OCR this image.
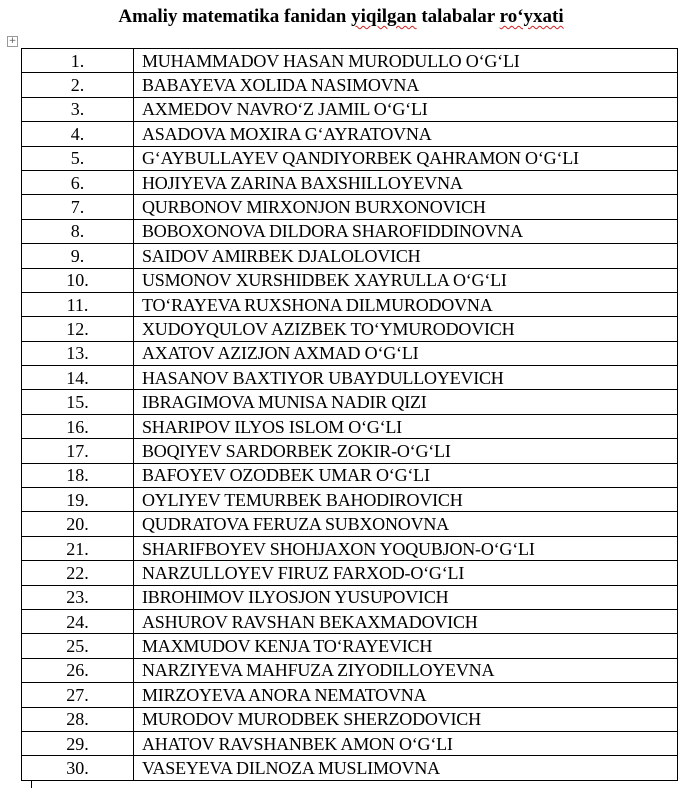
Amaliy matematika fanidan yiqilgan talabalar ro‘yxati
+
1.	MUHAMMADOV HASAN MURODULLO O‘G‘LI
2.	BABAYEVA XOLIDA NASIMOVNA
3.	AXMEDOV NAVRO‘Z JAMIL O‘G‘LI
4.	ASADOVA MOXIRA G‘AYRATOVNA
5.	G‘AYBULLAYEV QANDIYORBEK QAHRAMON O‘G‘LI
6.	HOJIYEVA ZARINA BAXSHILLOYEVNA
7.	QURBONOV MIRXONJON BURXONOVICH
8.	BOBOXONOVA DILDORA SHAROFIDDINOVNA
9.	SAIDOV AMIRBEK DJALOLOVICH
10.	USMONOV XURSHIDBEK XAYRULLA O‘G‘LI
11.	TO‘RAYEVA RUXSHONA DILMURODOVNA
12.	XUDOYQULOV AZIZBEK TO‘YMURODOVICH
13.	AXATOV AZIZJON AXMAD O‘G‘LI
14.	HASANOV BAXTIYOR UBAYDULLOYEVICH
15.	IBRAGIMOVA MUNISA NADIR QIZI
16.	SHARIPOV ILYOS ISLOM O‘G‘LI
17.	BOQIYEV SARDORBEK ZOKIR-O‘G‘LI
18.	BAFOYEV OZODBEK UMAR O‘G‘LI
19.	OYLIYEV TEMURBEK BAHODIROVICH
20.	QUDRATOVA FERUZA SUBXONOVNA
21.	SHARIFBOYEV SHOHJAXON YOQUBJON-O‘G‘LI
22.	NARZULLOYEV FIRUZ FARXOD-O‘G‘LI
23.	IBROHIMOV ILYOSJON YUSUPOVICH
24.	ASHUROV RAVSHAN BEKAXMADOVICH
25.	MAXMUDOV KENJA TO‘RAYEVICH
26.	NARZIYEVA MAHFUZA ZIYODILLOYEVNA
27.	MIRZOYEVA ANORA NEMATOVNA
28.	MURODOV MURODBEK SHERZODOVICH
29.	AHATOV RAVSHANBEK AMON O‘G‘LI
30.	VASEYEVA DILNOZA MUSLIMOVNA
